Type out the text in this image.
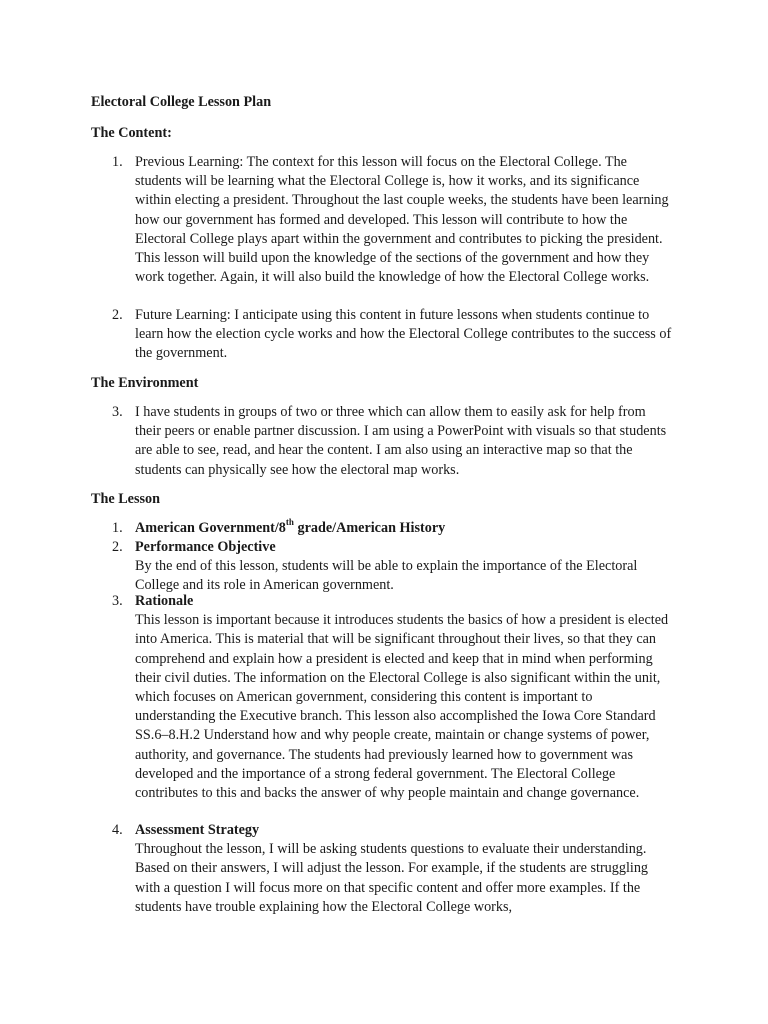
Electoral College Lesson Plan
The Content:
1. Previous Learning: The context for this lesson will focus on the Electoral College. The students will be learning what the Electoral College is, how it works, and its significance within electing a president. Throughout the last couple weeks, the students have been learning how our government has formed and developed. This lesson will contribute to how the Electoral College plays apart within the government and contributes to picking the president. This lesson will build upon the knowledge of the sections of the government and how they work together. Again, it will also build the knowledge of how the Electoral College works.
2. Future Learning: I anticipate using this content in future lessons when students continue to learn how the election cycle works and how the Electoral College contributes to the success of the government.
The Environment
3. I have students in groups of two or three which can allow them to easily ask for help from their peers or enable partner discussion. I am using a PowerPoint with visuals so that students are able to see, read, and hear the content. I am also using an interactive map so that the students can physically see how the electoral map works.
The Lesson
1. American Government/8th grade/American History
2. Performance Objective
By the end of this lesson, students will be able to explain the importance of the Electoral College and its role in American government.
3. Rationale
This lesson is important because it introduces students the basics of how a president is elected into America. This is material that will be significant throughout their lives, so that they can comprehend and explain how a president is elected and keep that in mind when performing their civil duties. The information on the Electoral College is also significant within the unit, which focuses on American government, considering this content is important to understanding the Executive branch. This lesson also accomplished the Iowa Core Standard SS.6–8.H.2 Understand how and why people create, maintain or change systems of power, authority, and governance. The students had previously learned how to government was developed and the importance of a strong federal government. The Electoral College contributes to this and backs the answer of why people maintain and change governance.
4. Assessment Strategy
Throughout the lesson, I will be asking students questions to evaluate their understanding. Based on their answers, I will adjust the lesson. For example, if the students are struggling with a question I will focus more on that specific content and offer more examples. If the students have trouble explaining how the Electoral College works,
